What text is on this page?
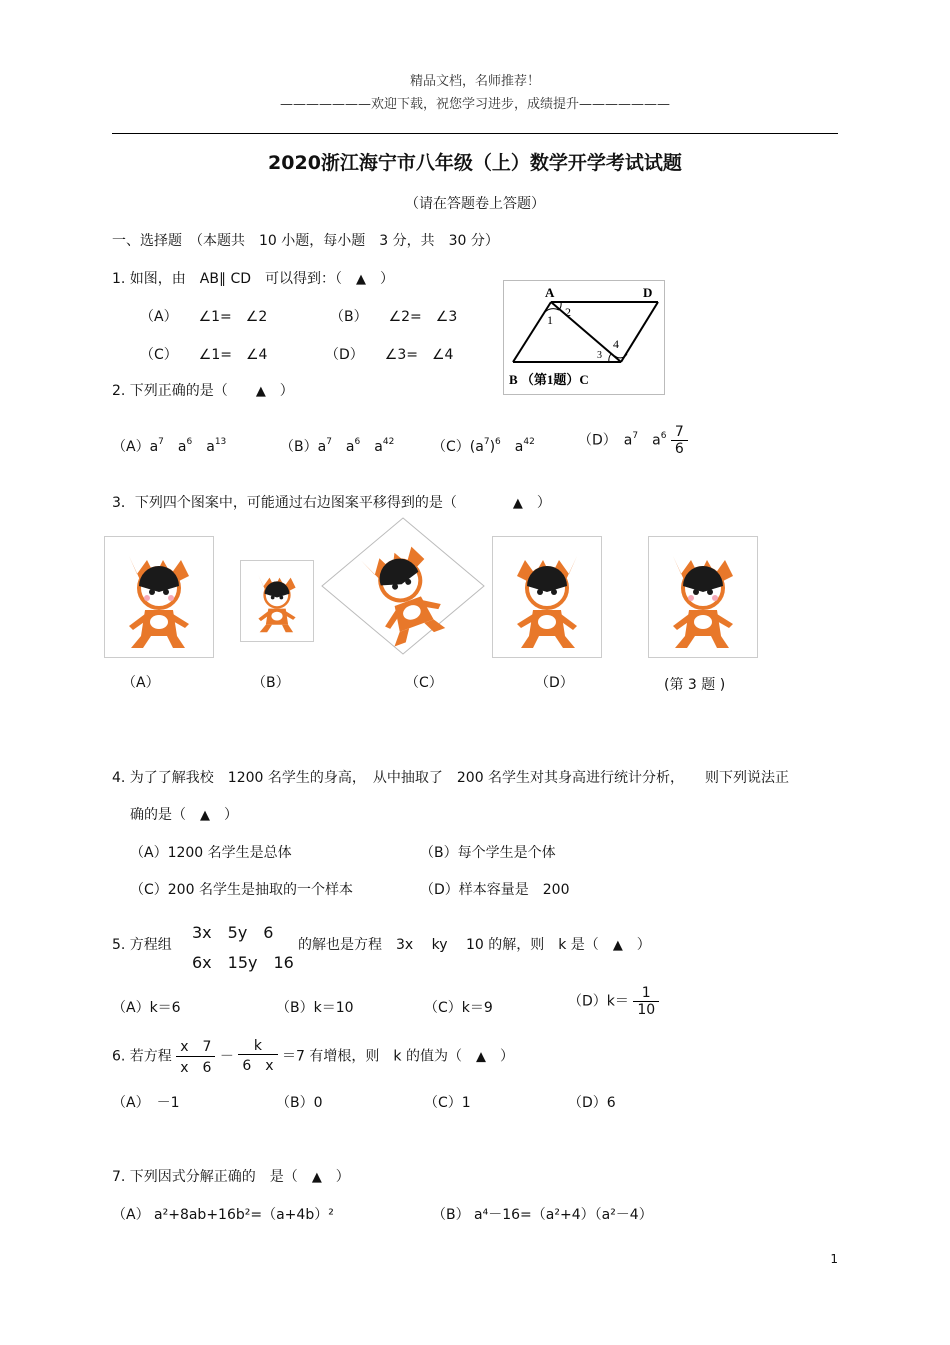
精品文档，名师推荐！
———————欢迎下载，祝您学习进步，成绩提升———————
2020浙江海宁市八年级（上）数学开学考试试题
（请在答题卷上答题）
一、选择题　（本题共　10 小题，每小题　3 分，共　30 分）
1. 如图，由　AB∥ CD　可以得到：（　▲　 ）
（A）　　∠1=　∠2	（B）　　∠2=　∠3
（C）　　∠1=　∠4	（D）　　∠3=　∠4
A	D
1
2
3
4
B （第1题）C
2. 下列正确的是（　　▲　）
$(A)a^7$　$a^6$　$a^{13}$	$(B)a^7$　$a^6$　$a^{42}$	$(C)(a^7)^6$　$a^{42}$	（D）　$a^7$　$a^6 \frac{7}{6}$
3．下列四个图案中，可能通过右边图案平移得到的是（　　　　▲　）
（A）	（B）	（C）	（D）	(第 3 题 )
4. 为了了解我校　1200 名学生的身高，　从中抽取了　200 名学生对其身高进行统计分析，　　则下列说法正
确的是（　▲　）
（A）1200 名学生是总体	（B）每个学生是个体
（C）200 名学生是抽取的一个样本	（D）样本容量是　200
5. 方程组
3x　5y　6
6x　15y　16
的解也是方程　3x　 ky　 10 的解，则　k 是（　▲　）
（A）k＝6	（B）k＝10	（C）k＝9	$(D)k= \frac{1}{10}$
6. 若方程 $\frac{x 7}{x 6} - \frac{k}{6 x} =7$ 有增根，则　k 的值为（　▲　）
（A）　－1	（B）0	（C）1	（D）6
7. 下列因式分解正确的　是（　▲　）
（A） a²+8ab+16b²=（a+4b）²	（B） a⁴－16=（a²+4）（a²－4）
1
